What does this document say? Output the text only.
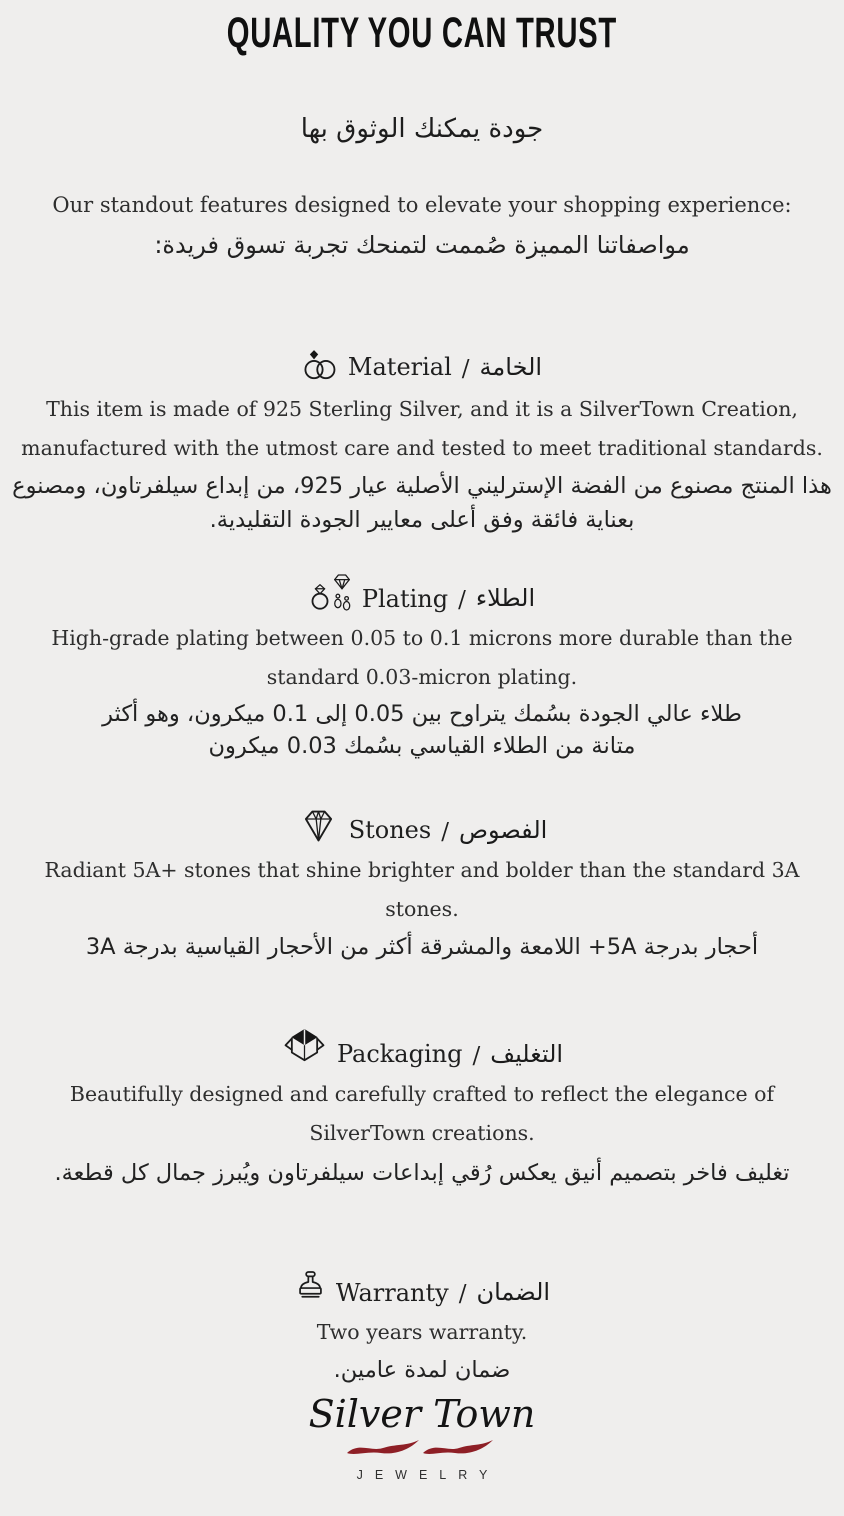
QUALITY YOU CAN TRUST
جودة يمكنك الوثوق بها
Our standout features designed to elevate your shopping experience:
مواصفاتنا المميزة صُممت لتمنحك تجربة تسوق فريدة:
Material / الخامة

This item is made of 925 Sterling Silver, and it is a SilverTown Creation, manufactured with the utmost care and tested to meet traditional standards.

هذا المنتج مصنوع من الفضة الإسترليني الأصلية عيار 925، من إبداع سيلفرتاون، ومصنوع بعناية فائقة وفق أعلى معايير الجودة التقليدية.

Plating / الطلاء

High-grade plating between 0.05 to 0.1 microns more durable than the standard 0.03-micron plating.

طلاء عالي الجودة بسُمك يتراوح بين 0.05 إلى 0.1 ميكرون، وهو أكثر متانة من الطلاء القياسي بسُمك 0.03 ميكرون

Stones / الفصوص

Radiant 5A+ stones that shine brighter and bolder than the standard 3A stones.

أحجار بدرجة 5A+ اللامعة والمشرقة أكثر من الأحجار القياسية بدرجة 3A

Packaging / التغليف

Beautifully designed and carefully crafted to reflect the elegance of SilverTown creations.

تغليف فاخر بتصميم أنيق يعكس رُقي إبداعات سيلفرتاون ويُبرز جمال كل قطعة.

Warranty / الضمان

Two years warranty.

ضمان لمدة عامين.

Silver Town
JEWELRY
